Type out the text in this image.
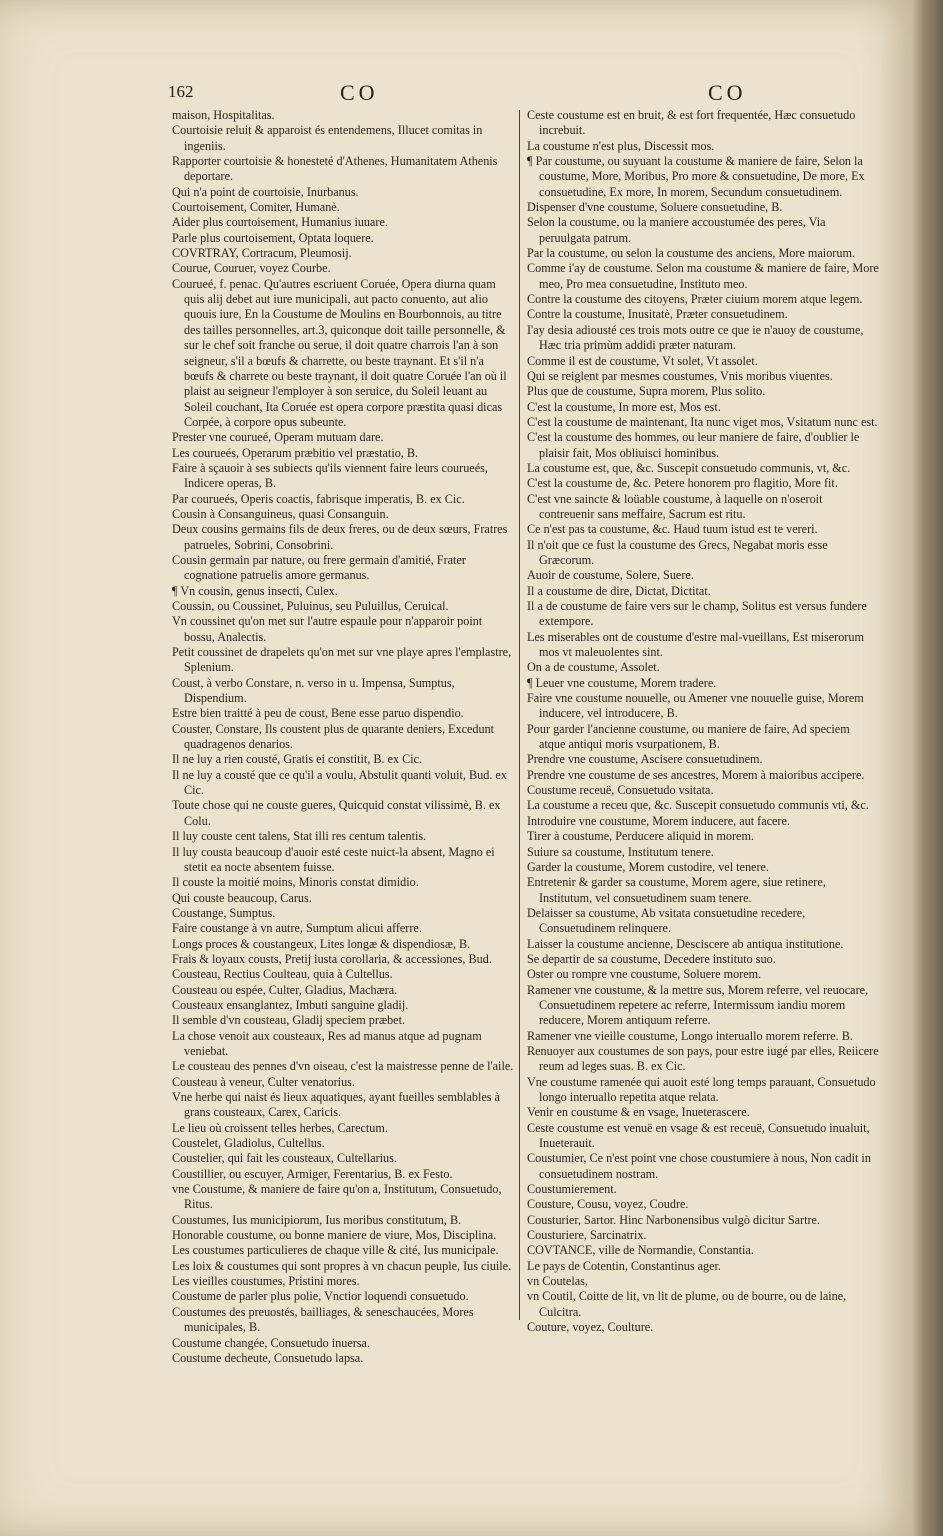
162	CO	CO

maison, Hospitalitas.

Courtoisie reluit & apparoist és entendemens, Illucet comitas in ingeniis.

Rapporter courtoisie & honesteté d'Athenes, Humanitatem Athenis deportare.

Qui n'a point de courtoisie, Inurbanus.

Courtoisement, Comiter, Humanè.

Aider plus courtoisement, Humanius iuuare.

Parle plus courtoisement, Optata loquere.

COVRTRAY, Cortracum, Pleumosij.

Courue, Couruer, voyez Courbe.

Courueé, f. penac. Qu'autres escriuent Coruée, Opera diurna quam quis alij debet aut iure municipali, aut pacto conuento, aut alio quouis iure, En la Coustume de Moulins en Bourbonnois, au titre des tailles personnelles, art.3, quiconque doit taille personnelle, & sur le chef soit franche ou serue, il doit quatre charrois l'an à son seigneur, s'il a bœufs & charrette, ou beste traynant. Et s'il n'a bœufs & charrete ou beste traynant, il doit quatre Coruée l'an où il plaist au seigneur l'employer à son seruice, du Soleil leuant au Soleil couchant, Ita Coruée est opera corpore præstita quasi dicas Corpée, à corpore opus subeunte.

Prester vne courueé, Operam mutuam dare.

Les courueés, Operarum præbitio vel præstatio, B.

Faire à sçauoir à ses subiects qu'ils viennent faire leurs courueés, Indicere operas, B.

Par courueés, Operis coactis, fabrisque imperatis, B. ex Cic.

Cousin à Consanguineus, quasi Consanguin.

Deux cousins germains fils de deux freres, ou de deux sœurs, Fratres patrueles, Sobrini, Consobrini.

Cousin germain par nature, ou frere germain d'amitié, Frater cognatione patruelis amore germanus.

¶ Vn cousin, genus insecti, Culex.

Coussin, ou Coussinet, Puluinus, seu Puluillus, Ceruical.

Vn coussinet qu'on met sur l'autre espaule pour n'apparoir point bossu, Analectis.

Petit coussinet de drapelets qu'on met sur vne playe apres l'emplastre, Splenium.

Coust, à verbo Constare, n. verso in u. Impensa, Sumptus, Dispendium.

Estre bien traitté à peu de coust, Bene esse paruo dispendio.

Couster, Constare, Ils coustent plus de quarante deniers, Excedunt quadragenos denarios.

Il ne luy a rien cousté, Gratis ei constitit, B. ex Cic.

Il ne luy a cousté que ce qu'il a voulu, Abstulit quanti voluit, Bud. ex Cic.

Toute chose qui ne couste gueres, Quicquid constat vilissimè, B. ex Colu.

Il luy couste cent talens, Stat illi res centum talentis.

Il luy cousta beaucoup d'auoir esté ceste nuict-la absent, Magno ei stetit ea nocte absentem fuisse.

Il couste la moitié moins, Minoris constat dimidio.

Qui couste beaucoup, Carus.

Coustange, Sumptus.

Faire coustange à vn autre, Sumptum alicui afferre.

Longs proces & coustangeux, Lites longæ & dispendiosæ, B.

Frais & loyaux cousts, Pretij iusta corollaria, & accessiones, Bud.

Cousteau, Rectius Coulteau, quia à Cultellus.

Cousteau ou espée, Culter, Gladius, Machæra.

Cousteaux ensanglantez, Imbuti sanguine gladij.

Il semble d'vn cousteau, Gladij speciem præbet.

La chose venoit aux cousteaux, Res ad manus atque ad pugnam veniebat.

Le cousteau des pennes d'vn oiseau, c'est la maistresse penne de l'aile.

Cousteau à veneur, Culter venatorius.

Vne herbe qui naist és lieux aquatiques, ayant fueilles semblables à grans cousteaux, Carex, Caricis.

Le lieu où croissent telles herbes, Carectum.

Coustelet, Gladiolus, Cultellus.

Coustelier, qui fait les cousteaux, Cultellarius.

Coustillier, ou escuyer, Armiger, Ferentarius, B. ex Festo.

vne Coustume, & maniere de faire qu'on a, Institutum, Consuetudo, Ritus.

Coustumes, Ius municipiorum, Ius moribus constitutum, B.

Honorable coustume, ou bonne maniere de viure, Mos, Disciplina.

Les coustumes particulieres de chaque ville & cité, Ius municipale.

Les loix & coustumes qui sont propres à vn chacun peuple, Ius ciuile.

Les vieilles coustumes, Pristini mores.

Coustume de parler plus polie, Vnctior loquendi consuetudo.

Coustumes des preuostés, bailliages, & seneschaucées, Mores municipales, B.

Coustume changée, Consuetudo inuersa.

Coustume decheute, Consuetudo lapsa.

Ceste coustume est en bruit, & est fort frequentée, Hæc consuetudo increbuit.

La coustume n'est plus, Discessit mos.

¶ Par coustume, ou suyuant la coustume & maniere de faire, Selon la coustume, More, Moribus, Pro more & consuetudine, De more, Ex consuetudine, Ex more, In morem, Secundum consuetudinem.

Dispenser d'vne coustume, Soluere consuetudine, B.

Selon la coustume, ou la maniere accoustumée des peres, Via peruulgata patrum.

Par la coustume, ou selon la coustume des anciens, More maiorum.

Comme i'ay de coustume. Selon ma coustume & maniere de faire, More meo, Pro mea consuetudine, Instituto meo.

Contre la coustume des citoyens, Præter ciuium morem atque legem.

Contre la coustume, Inusitatè, Præter consuetudinem.

I'ay desia adiousté ces trois mots outre ce que ie n'auoy de coustume, Hæc tria primùm addidi præter naturam.

Comme il est de coustume, Vt solet, Vt assolet.

Qui se reiglent par mesmes coustumes, Vnis moribus viuentes.

Plus que de coustume, Supra morem, Plus solito.

C'est la coustume, In more est, Mos est.

C'est la coustume de maintenant, Ita nunc viget mos, Vsitatum nunc est.

C'est la coustume des hommes, ou leur maniere de faire, d'oublier le plaisir fait, Mos obliuisci hominibus.

La coustume est, que, &c. Suscepit consuetudo communis, vt, &c.

C'est la coustume de, &c. Petere honorem pro flagitio, More fit.

C'est vne saincte & loüable coustume, à laquelle on n'oseroit contreuenir sans meffaire, Sacrum est ritu.

Ce n'est pas ta coustume, &c. Haud tuum istud est te vereri.

Il n'oit que ce fust la coustume des Grecs, Negabat moris esse Græcorum.

Auoir de coustume, Solere, Suere.

Il a coustume de dire, Dictat, Dictitat.

Il a de coustume de faire vers sur le champ, Solitus est versus fundere extempore.

Les miserables ont de coustume d'estre mal-vueillans, Est miserorum mos vt maleuolentes sint.

On a de coustume, Assolet.

¶ Leuer vne coustume, Morem tradere.

Faire vne coustume nouuelle, ou Amener vne nouuelle guise, Morem inducere, vel introducere, B.

Pour garder l'ancienne coustume, ou maniere de faire, Ad speciem atque antiqui moris vsurpationem, B.

Prendre vne coustume, Ascisere consuetudinem.

Prendre vne coustume de ses ancestres, Morem à maioribus accipere.

Coustume receuë, Consuetudo vsitata.

La coustume a receu que, &c. Suscepit consuetudo communis vti, &c.

Introduire vne coustume, Morem inducere, aut facere.

Tirer à coustume, Perducere aliquid in morem.

Suiure sa coustume, Institutum tenere.

Garder la coustume, Morem custodire, vel tenere.

Entretenir & garder sa coustume, Morem agere, siue retinere, Institutum, vel consuetudinem suam tenere.

Delaisser sa coustume, Ab vsitata consuetudine recedere, Consuetudinem relinquere.

Laisser la coustume ancienne, Desciscere ab antiqua institutione.

Se departir de sa coustume, Decedere instituto suo.

Oster ou rompre vne coustume, Soluere morem.

Ramener vne coustume, & la mettre sus, Morem referre, vel reuocare, Consuetudinem repetere ac referre, Intermissum iandiu morem reducere, Morem antiquum referre.

Ramener vne vieille coustume, Longo interuallo morem referre. B.

Renuoyer aux coustumes de son pays, pour estre iugé par elles, Reiicere reum ad leges suas. B. ex Cic.

Vne coustume ramenée qui auoit esté long temps parauant, Consuetudo longo interuallo repetita atque relata.

Venir en coustume & en vsage, Inueterascere.

Ceste coustume est venuë en vsage & est receuë, Consuetudo inualuit, Inueterauit.

Coustumier, Ce n'est point vne chose coustumiere à nous, Non cadit in consuetudinem nostram.

Coustumierement.

Cousture, Cousu, voyez, Coudre.

Cousturier, Sartor. Hinc Narbonensibus vulgò dicitur Sartre.

Cousturiere, Sarcinatrix.

COVTANCE, ville de Normandie, Constantia.

Le pays de Cotentin, Constantinus ager.

vn Coutelas,

vn Coutil, Coitte de lit, vn lit de plume, ou de bourre, ou de laine, Culcitra.

Couture, voyez, Coulture.
